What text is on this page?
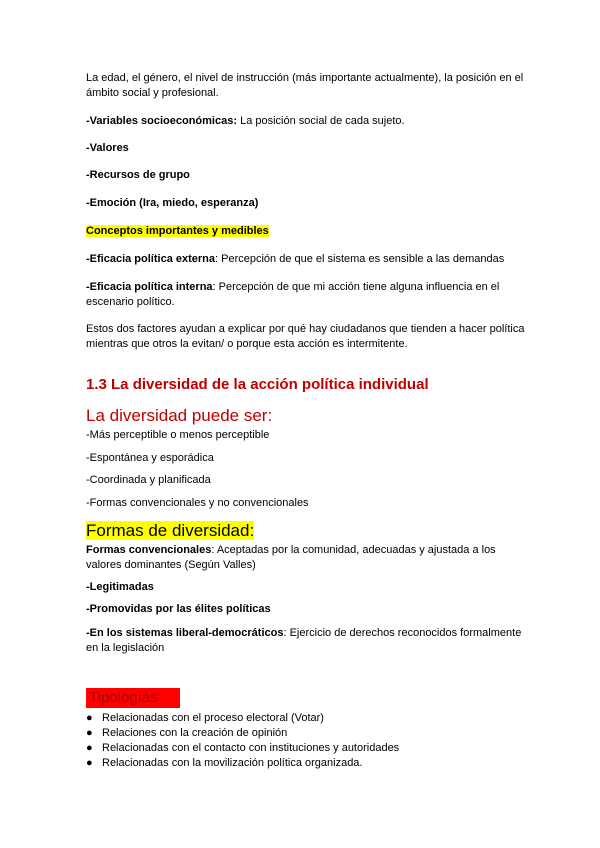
La edad, el género, el nivel de instrucción (más importante actualmente), la posición en el ámbito social y profesional.
-Variables socioeconómicas: La posición social de cada sujeto.
-Valores
-Recursos de grupo
-Emoción (Ira, miedo, esperanza)
Conceptos importantes y medibles
-Eficacia política externa: Percepción de que el sistema es sensible a las demandas
-Eficacia política interna: Percepción de que mi acción tiene alguna influencia en el escenario político.
Estos dos factores ayudan a explicar por qué hay ciudadanos que tienden a hacer política mientras que otros la evitan/ o porque esta acción es intermitente.
1.3 La diversidad de la acción política individual
La diversidad puede ser:
-Más perceptible o menos perceptible
-Espontánea y esporádica
-Coordinada y planificada
-Formas convencionales y no convencionales
Formas de diversidad:
Formas convencionales: Aceptadas por la comunidad, adecuadas y ajustada a los valores dominantes (Según Valles)
-Legitimadas
-Promovidas por las élites políticas
-En los sistemas liberal-democráticos: Ejercicio de derechos reconocidos formalmente en la legislación
Tipologías
● Relacionadas con el proceso electoral (Votar)
● Relaciones con la creación de opinión
● Relacionadas con el contacto con instituciones y autoridades
● Relacionadas con la movilización política organizada.
